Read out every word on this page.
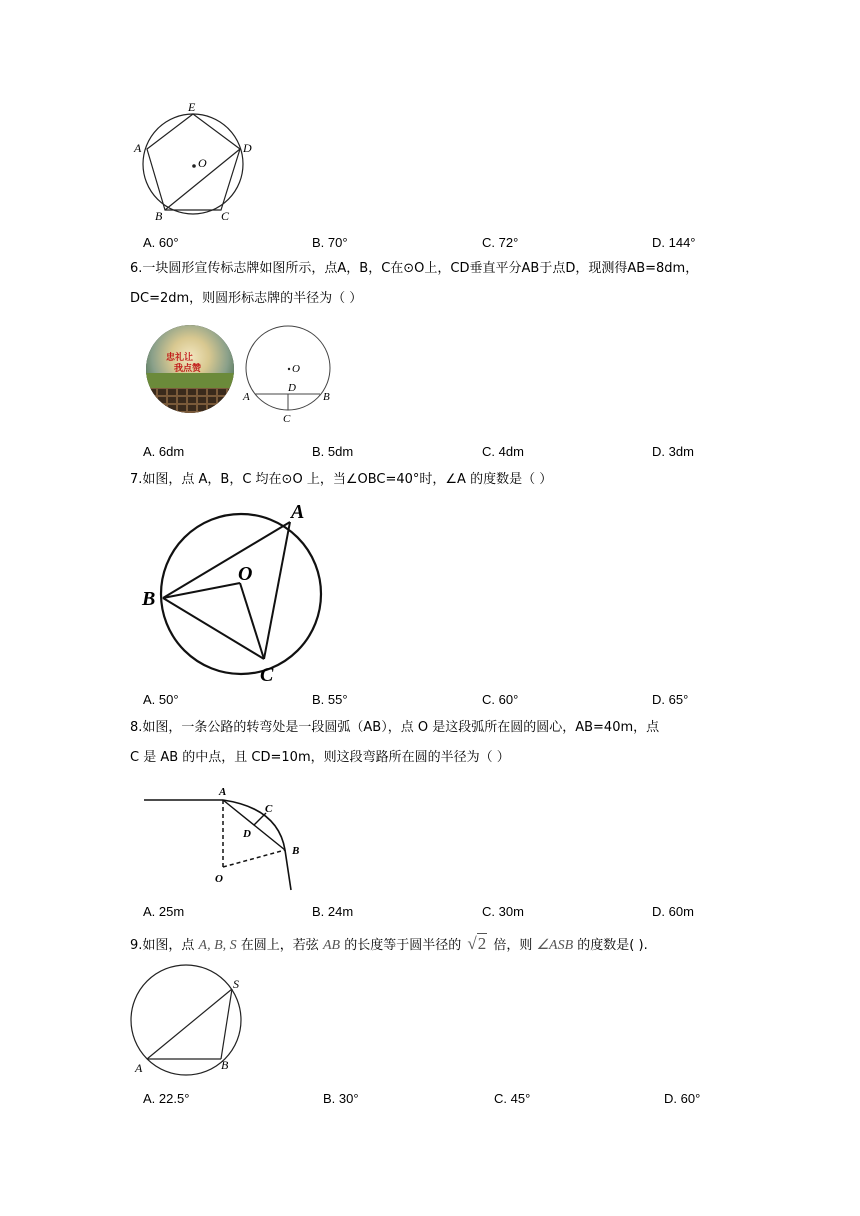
E
A	D
B	C
O
A. 60°	B. 70°	C. 72°	D. 144°
6.一块圆形宣传标志牌如图所示，点A，B，C在⊙O上，CD垂直平分AB于点D，现测得AB=8dm，
DC=2dm，则圆形标志牌的半径为（ ）
忠礼让
我点赞	O
D
A	B
C
A. 6dm	B. 5dm	C. 4dm	D. 3dm
7.如图，点 A，B，C 均在⊙O 上，当∠OBC=40°时，∠A 的度数是（ ）
A
O
B
C
A. 50°	B. 55°	C. 60°	D. 65°
8.如图，一条公路的转弯处是一段圆弧（AB），点 O 是这段弧所在圆的圆心，AB=40m，点
C 是 AB 的中点，且 CD=10m，则这段弯路所在圆的半径为（ ）
A
C
D
B
O
A. 25m	B. 24m	C. 30m	D. 60m
9.如图，点 A, B, S 在圆上，若弦 AB 的长度等于圆半径的 √2 倍，则 ∠ASB 的度数是( ).
S
A	B
A. 22.5°	B. 30°	C. 45°	D. 60°
